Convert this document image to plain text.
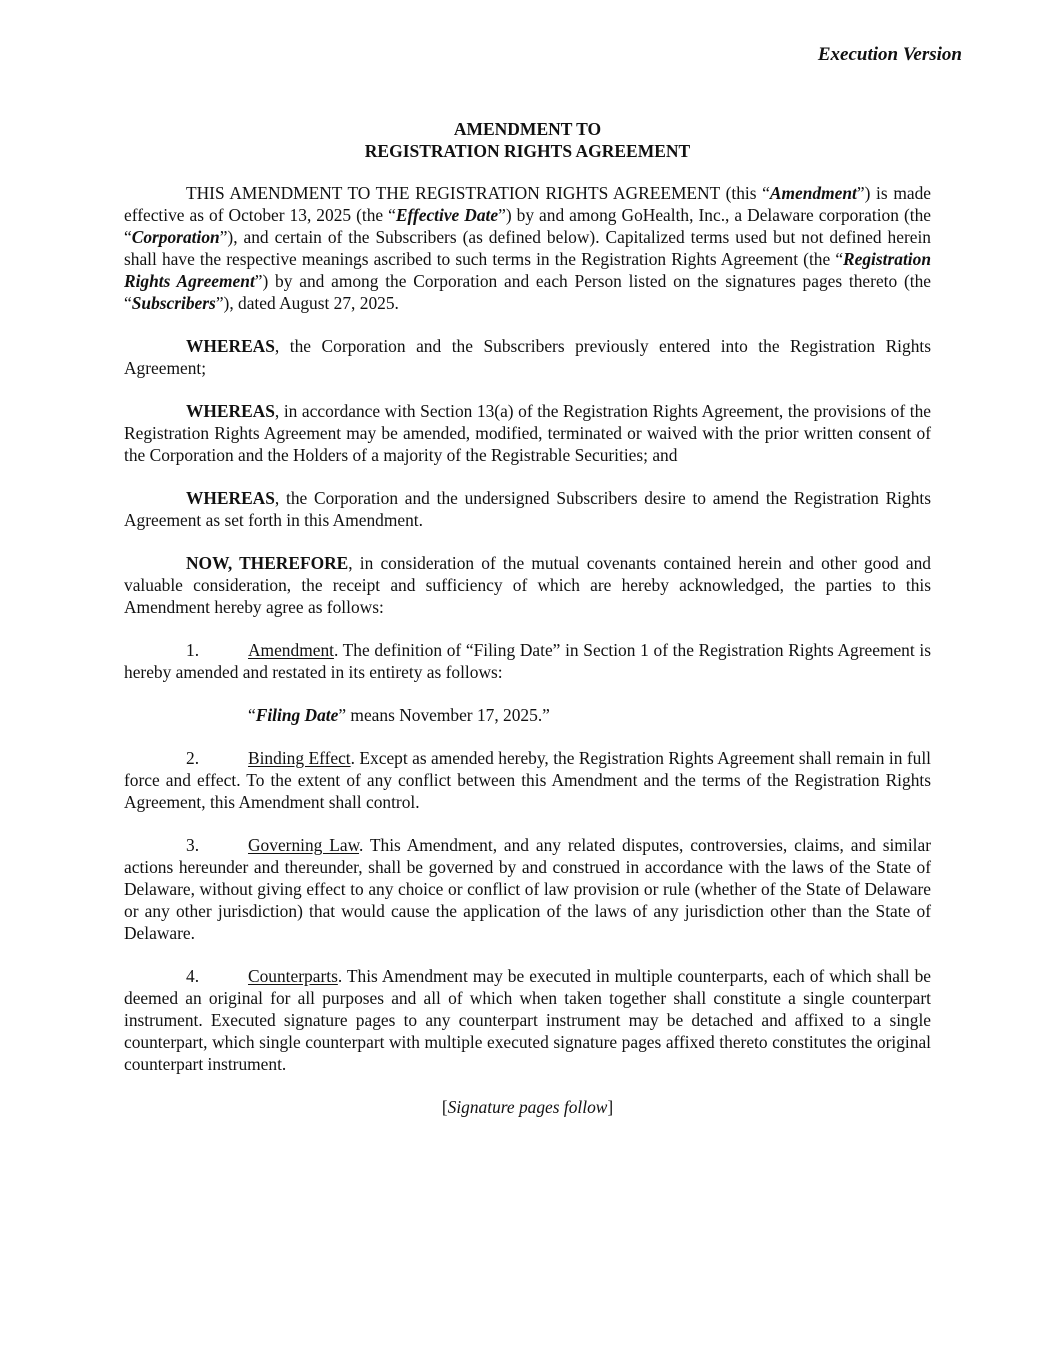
Execution Version
AMENDMENT TO
REGISTRATION RIGHTS AGREEMENT

THIS AMENDMENT TO THE REGISTRATION RIGHTS AGREEMENT (this “Amendment”) is made effective as of October 13, 2025 (the “Effective Date”) by and among GoHealth, Inc., a Delaware corporation (the “Corporation”), and certain of the Subscribers (as defined below). Capitalized terms used but not defined herein shall have the respective meanings ascribed to such terms in the Registration Rights Agreement (the “Registration Rights Agreement”) by and among the Corporation and each Person listed on the signatures pages thereto (the “Subscribers”), dated August 27, 2025.

WHEREAS, the Corporation and the Subscribers previously entered into the Registration Rights Agreement;

WHEREAS, in accordance with Section 13(a) of the Registration Rights Agreement, the provisions of the Registration Rights Agreement may be amended, modified, terminated or waived with the prior written consent of the Corporation and the Holders of a majority of the Registrable Securities; and

WHEREAS, the Corporation and the undersigned Subscribers desire to amend the Registration Rights Agreement as set forth in this Amendment.

NOW, THEREFORE, in consideration of the mutual covenants contained herein and other good and valuable consideration, the receipt and sufficiency of which are hereby acknowledged, the parties to this Amendment hereby agree as follows:

1.	Amendment. The definition of “Filing Date” in Section 1 of the Registration Rights Agreement is hereby amended and restated in its entirety as follows:

“Filing Date” means November 17, 2025.”

2.	Binding Effect. Except as amended hereby, the Registration Rights Agreement shall remain in full force and effect. To the extent of any conflict between this Amendment and the terms of the Registration Rights Agreement, this Amendment shall control.

3.	Governing Law. This Amendment, and any related disputes, controversies, claims, and similar actions hereunder and thereunder, shall be governed by and construed in accordance with the laws of the State of Delaware, without giving effect to any choice or conflict of law provision or rule (whether of the State of Delaware or any other jurisdiction) that would cause the application of the laws of any jurisdiction other than the State of Delaware.

4.	Counterparts. This Amendment may be executed in multiple counterparts, each of which shall be deemed an original for all purposes and all of which when taken together shall constitute a single counterpart instrument. Executed signature pages to any counterpart instrument may be detached and affixed to a single counterpart, which single counterpart with multiple executed signature pages affixed thereto constitutes the original counterpart instrument.

[Signature pages follow]
